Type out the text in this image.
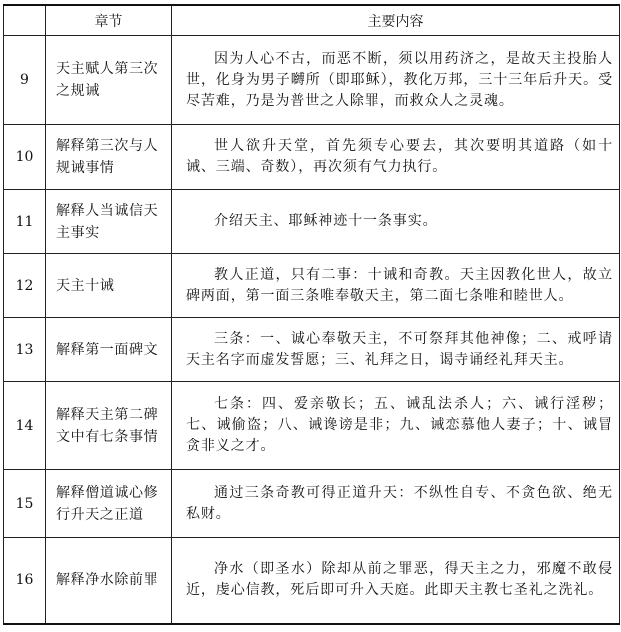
	章节	主要内容
9	天主赋人第三次之规诫	因为人心不古，而恶不断，须以用药济之，是故天主投胎人世，化身为男子嚩所（即耶稣），教化万邦，三十三年后升天。受尽苦难，乃是为普世之人除罪，而救众人之灵魂。
10	解释第三次与人规诫事情	世人欲升天堂，首先须专心要去，其次要明其道路（如十诫、三端、奇数），再次须有气力执行。
11	解释人当诚信天主事实	介绍天主、耶稣神迹十一条事实。
12	天主十诫	教人正道，只有二事：十诫和奇教。天主因教化世人，故立碑两面，第一面三条唯奉敬天主，第二面七条唯和睦世人。
13	解释第一面碑文	三条：一、诚心奉敬天主，不可祭拜其他神像；二、戒呼请天主名字而虚发誓愿；三、礼拜之日，谒寺诵经礼拜天主。
14	解释天主第二碑文中有七条事情	七条：四、爱亲敬长；五、诫乱法杀人；六、诫行淫秽；七、诫偷盗；八、诫谗谤是非；九、诫恋慕他人妻子；十、诫冒贪非义之才。
15	解释僧道诚心修行升天之正道	通过三条奇教可得正道升天：不纵性自专、不贪色欲、绝无私财。
16	解释净水除前罪	净水（即圣水）除却从前之罪恶，得天主之力，邪魔不敢侵近，虔心信教，死后即可升入天庭。此即天主教七圣礼之洗礼。
